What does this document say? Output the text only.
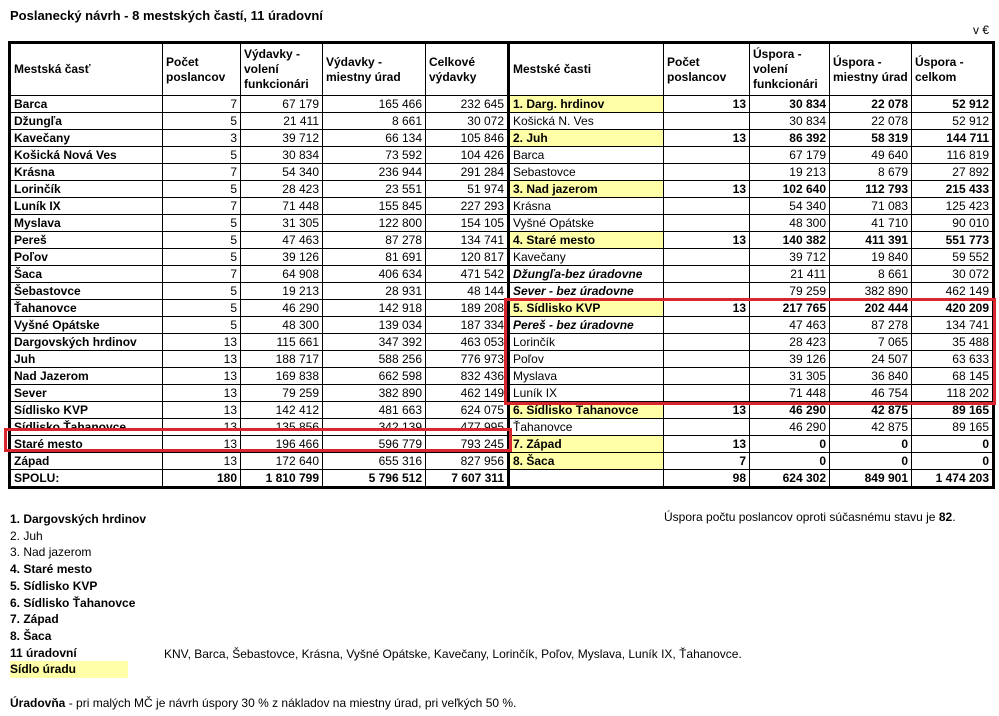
Poslanecký návrh - 8 mestských častí, 11 úradovní
v €
Mestská časť	Počet poslancov	Výdavky - volení funkcionári	Výdavky - miestny úrad	Celkové výdavky
Barca	7	67 179	165 466	232 645
Džungľa	5	21 411	8 661	30 072
Kavečany	3	39 712	66 134	105 846
Košická Nová Ves	5	30 834	73 592	104 426
Krásna	7	54 340	236 944	291 284
Lorinčík	5	28 423	23 551	51 974
Luník IX	7	71 448	155 845	227 293
Myslava	5	31 305	122 800	154 105
Pereš	5	47 463	87 278	134 741
Poľov	5	39 126	81 691	120 817
Šaca	7	64 908	406 634	471 542
Šebastovce	5	19 213	28 931	48 144
Ťahanovce	5	46 290	142 918	189 208
Vyšné Opátske	5	48 300	139 034	187 334
Dargovských hrdinov	13	115 661	347 392	463 053
Juh	13	188 717	588 256	776 973
Nad Jazerom	13	169 838	662 598	832 436
Sever	13	79 259	382 890	462 149
Sídlisko KVP	13	142 412	481 663	624 075
Sídlisko Ťahanovce	13	135 856	342 139	477 995
Staré mesto	13	196 466	596 779	793 245
Západ	13	172 640	655 316	827 956
SPOLU:	180	1 810 799	5 796 512	7 607 311
Mestské časti	Počet poslancov	Úspora - volení funkcionári	Úspora - miestny úrad	Úspora - celkom
1. Darg. hrdinov	13	30 834	22 078	52 912
Košická N. Ves		30 834	22 078	52 912
2. Juh	13	86 392	58 319	144 711
Barca		67 179	49 640	116 819
Sebastovce		19 213	8 679	27 892
3. Nad jazerom	13	102 640	112 793	215 433
Krásna		54 340	71 083	125 423
Vyšné Opátske		48 300	41 710	90 010
4. Staré mesto	13	140 382	411 391	551 773
Kavečany		39 712	19 840	59 552
Džungľa-bez úradovne		21 411	8 661	30 072
Sever - bez úradovne		79 259	382 890	462 149
5. Sídlisko KVP	13	217 765	202 444	420 209
Pereš - bez úradovne		47 463	87 278	134 741
Lorinčík		28 423	7 065	35 488
Poľov		39 126	24 507	63 633
Myslava		31 305	36 840	68 145
Luník IX		71 448	46 754	118 202
6. Sídlisko Ťahanovce	13	46 290	42 875	89 165
Ťahanovce		46 290	42 875	89 165
7. Západ	13	0	0	0
8. Šaca	7	0	0	0
	98	624 302	849 901	1 474 203
1. Dargovských hrdinov
2. Juh
3. Nad jazerom
4. Staré mesto
5. Sídlisko KVP
6. Sídlisko Ťahanovce
7. Západ
8. Šaca
11 úradovní
Sídlo úradu
KNV, Barca, Šebastovce, Krásna, Vyšné Opátske, Kavečany, Lorinčík, Poľov, Myslava, Luník IX, Ťahanovce.
Úspora počtu poslancov oproti súčasnému stavu je 82.
Úradovňa - pri malých MČ je návrh úspory 30 % z nákladov na miestny úrad, pri veľkých 50 %.
